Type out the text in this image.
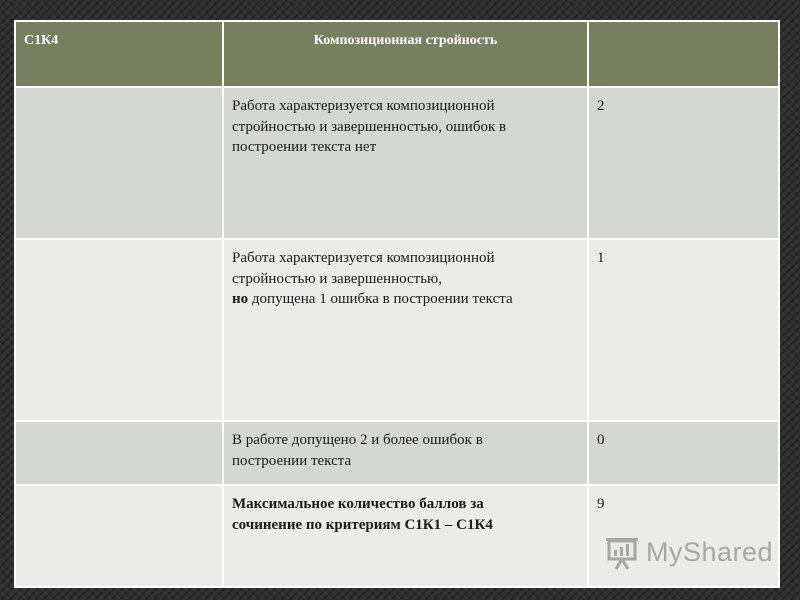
С1К4	Композиционная стройность	
	Работа характеризуется композиционной
стройностью и завершенностью, ошибок в
построении текста нет	2
	Работа характеризуется композиционной
стройностью и завершенностью,
но допущена 1 ошибка в построении текста	1
	В работе допущено 2 и более ошибок в
построении текста	0
	Максимальное количество баллов за
сочинение по критериям С1К1 – С1К4	9
MyShared
